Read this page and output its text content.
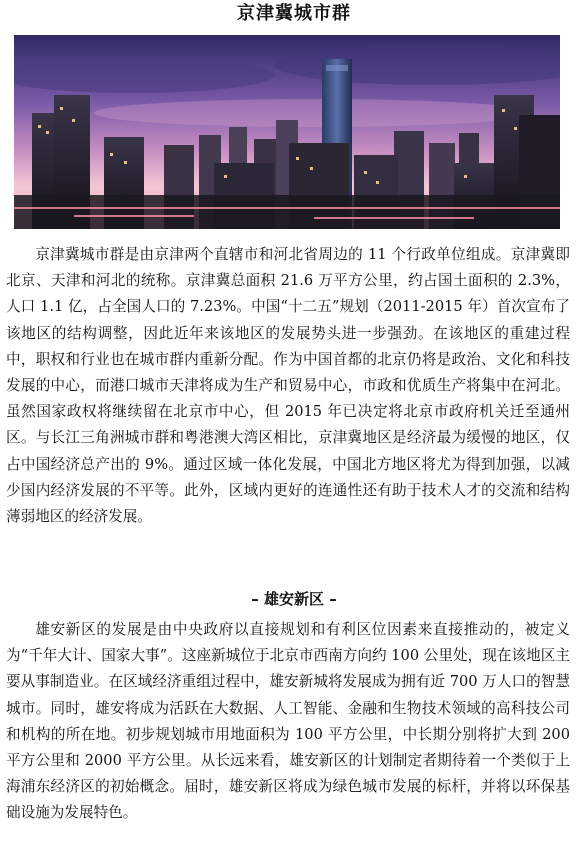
京津冀城市群

京津冀城市群是由京津两个直辖市和河北省周边的 11 个行政单位组成。京津冀即北京、天津和河北的统称。京津冀总面积 21.6 万平方公里，约占国土面积的 2.3%，人口 1.1 亿，占全国人口的 7.23%。中国“十二五”规划（2011-2015 年）首次宣布了该地区的结构调整，因此近年来该地区的发展势头进一步强劲。在该地区的重建过程中，职权和行业也在城市群内重新分配。作为中国首都的北京仍将是政治、文化和科技发展的中心，而港口城市天津将成为生产和贸易中心，市政和优质生产将集中在河北。虽然国家政权将继续留在北京市中心，但 2015 年已决定将北京市政府机关迁至通州区。与长江三角洲城市群和粤港澳大湾区相比，京津冀地区是经济最为缓慢的地区，仅占中国经济总产出的 9%。通过区域一体化发展，中国北方地区将尤为得到加强，以减少国内经济发展的不平等。此外，区域内更好的连通性还有助于技术人才的交流和结构薄弱地区的经济发展。

– 雄安新区 –

雄安新区的发展是由中央政府以直接规划和有利区位因素来直接推动的，被定义为“千年大计、国家大事”。这座新城位于北京市西南方向约 100 公里处，现在该地区主要从事制造业。在区域经济重组过程中，雄安新城将发展成为拥有近 700 万人口的智慧城市。同时，雄安将成为活跃在大数据、人工智能、金融和生物技术领域的高科技公司和机构的所在地。初步规划城市用地面积为 100 平方公里，中长期分别将扩大到 200 平方公里和 2000 平方公里。从长远来看，雄安新区的计划制定者期待着一个类似于上海浦东经济区的初始概念。届时，雄安新区将成为绿色城市发展的标杆，并将以环保基础设施为发展特色。
